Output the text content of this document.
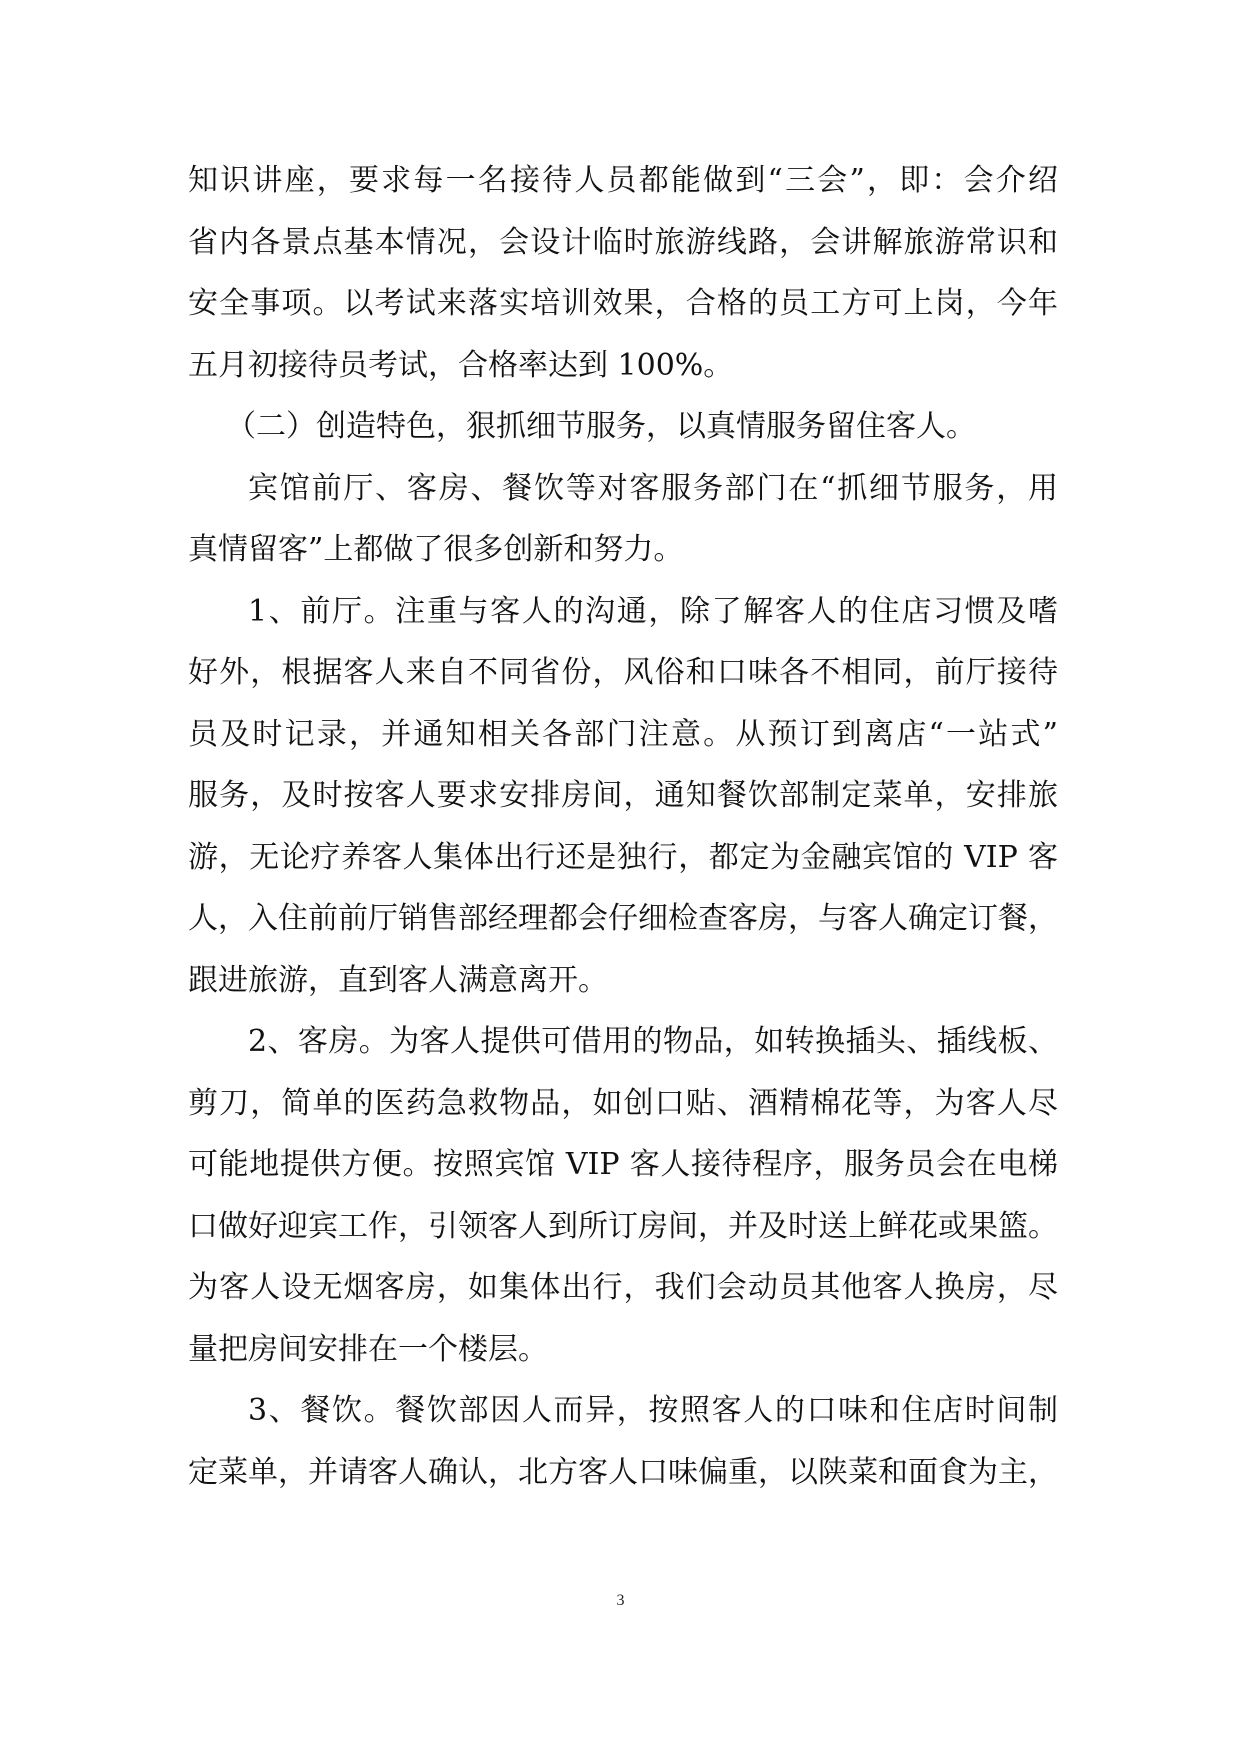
知识讲座，要求每一名接待人员都能做到“三会”，即：会介绍
省内各景点基本情况，会设计临时旅游线路，会讲解旅游常识和
安全事项。以考试来落实培训效果，合格的员工方可上岗，今年
五月初接待员考试，合格率达到 100%。
（二）创造特色，狠抓细节服务，以真情服务留住客人。
宾馆前厅、客房、餐饮等对客服务部门在“抓细节服务，用
真情留客”上都做了很多创新和努力。
1、前厅。注重与客人的沟通，除了解客人的住店习惯及嗜
好外，根据客人来自不同省份，风俗和口味各不相同，前厅接待
员及时记录，并通知相关各部门注意。从预订到离店“一站式”
服务，及时按客人要求安排房间，通知餐饮部制定菜单，安排旅
游，无论疗养客人集体出行还是独行，都定为金融宾馆的 VIP 客
人，入住前前厅销售部经理都会仔细检查客房，与客人确定订餐，
跟进旅游，直到客人满意离开。
2、客房。为客人提供可借用的物品，如转换插头、插线板、
剪刀，简单的医药急救物品，如创口贴、酒精棉花等，为客人尽
可能地提供方便。按照宾馆 VIP 客人接待程序，服务员会在电梯
口做好迎宾工作，引领客人到所订房间，并及时送上鲜花或果篮。
为客人设无烟客房，如集体出行，我们会动员其他客人换房，尽
量把房间安排在一个楼层。
3、餐饮。餐饮部因人而异，按照客人的口味和住店时间制
定菜单，并请客人确认，北方客人口味偏重，以陕菜和面食为主，
3
